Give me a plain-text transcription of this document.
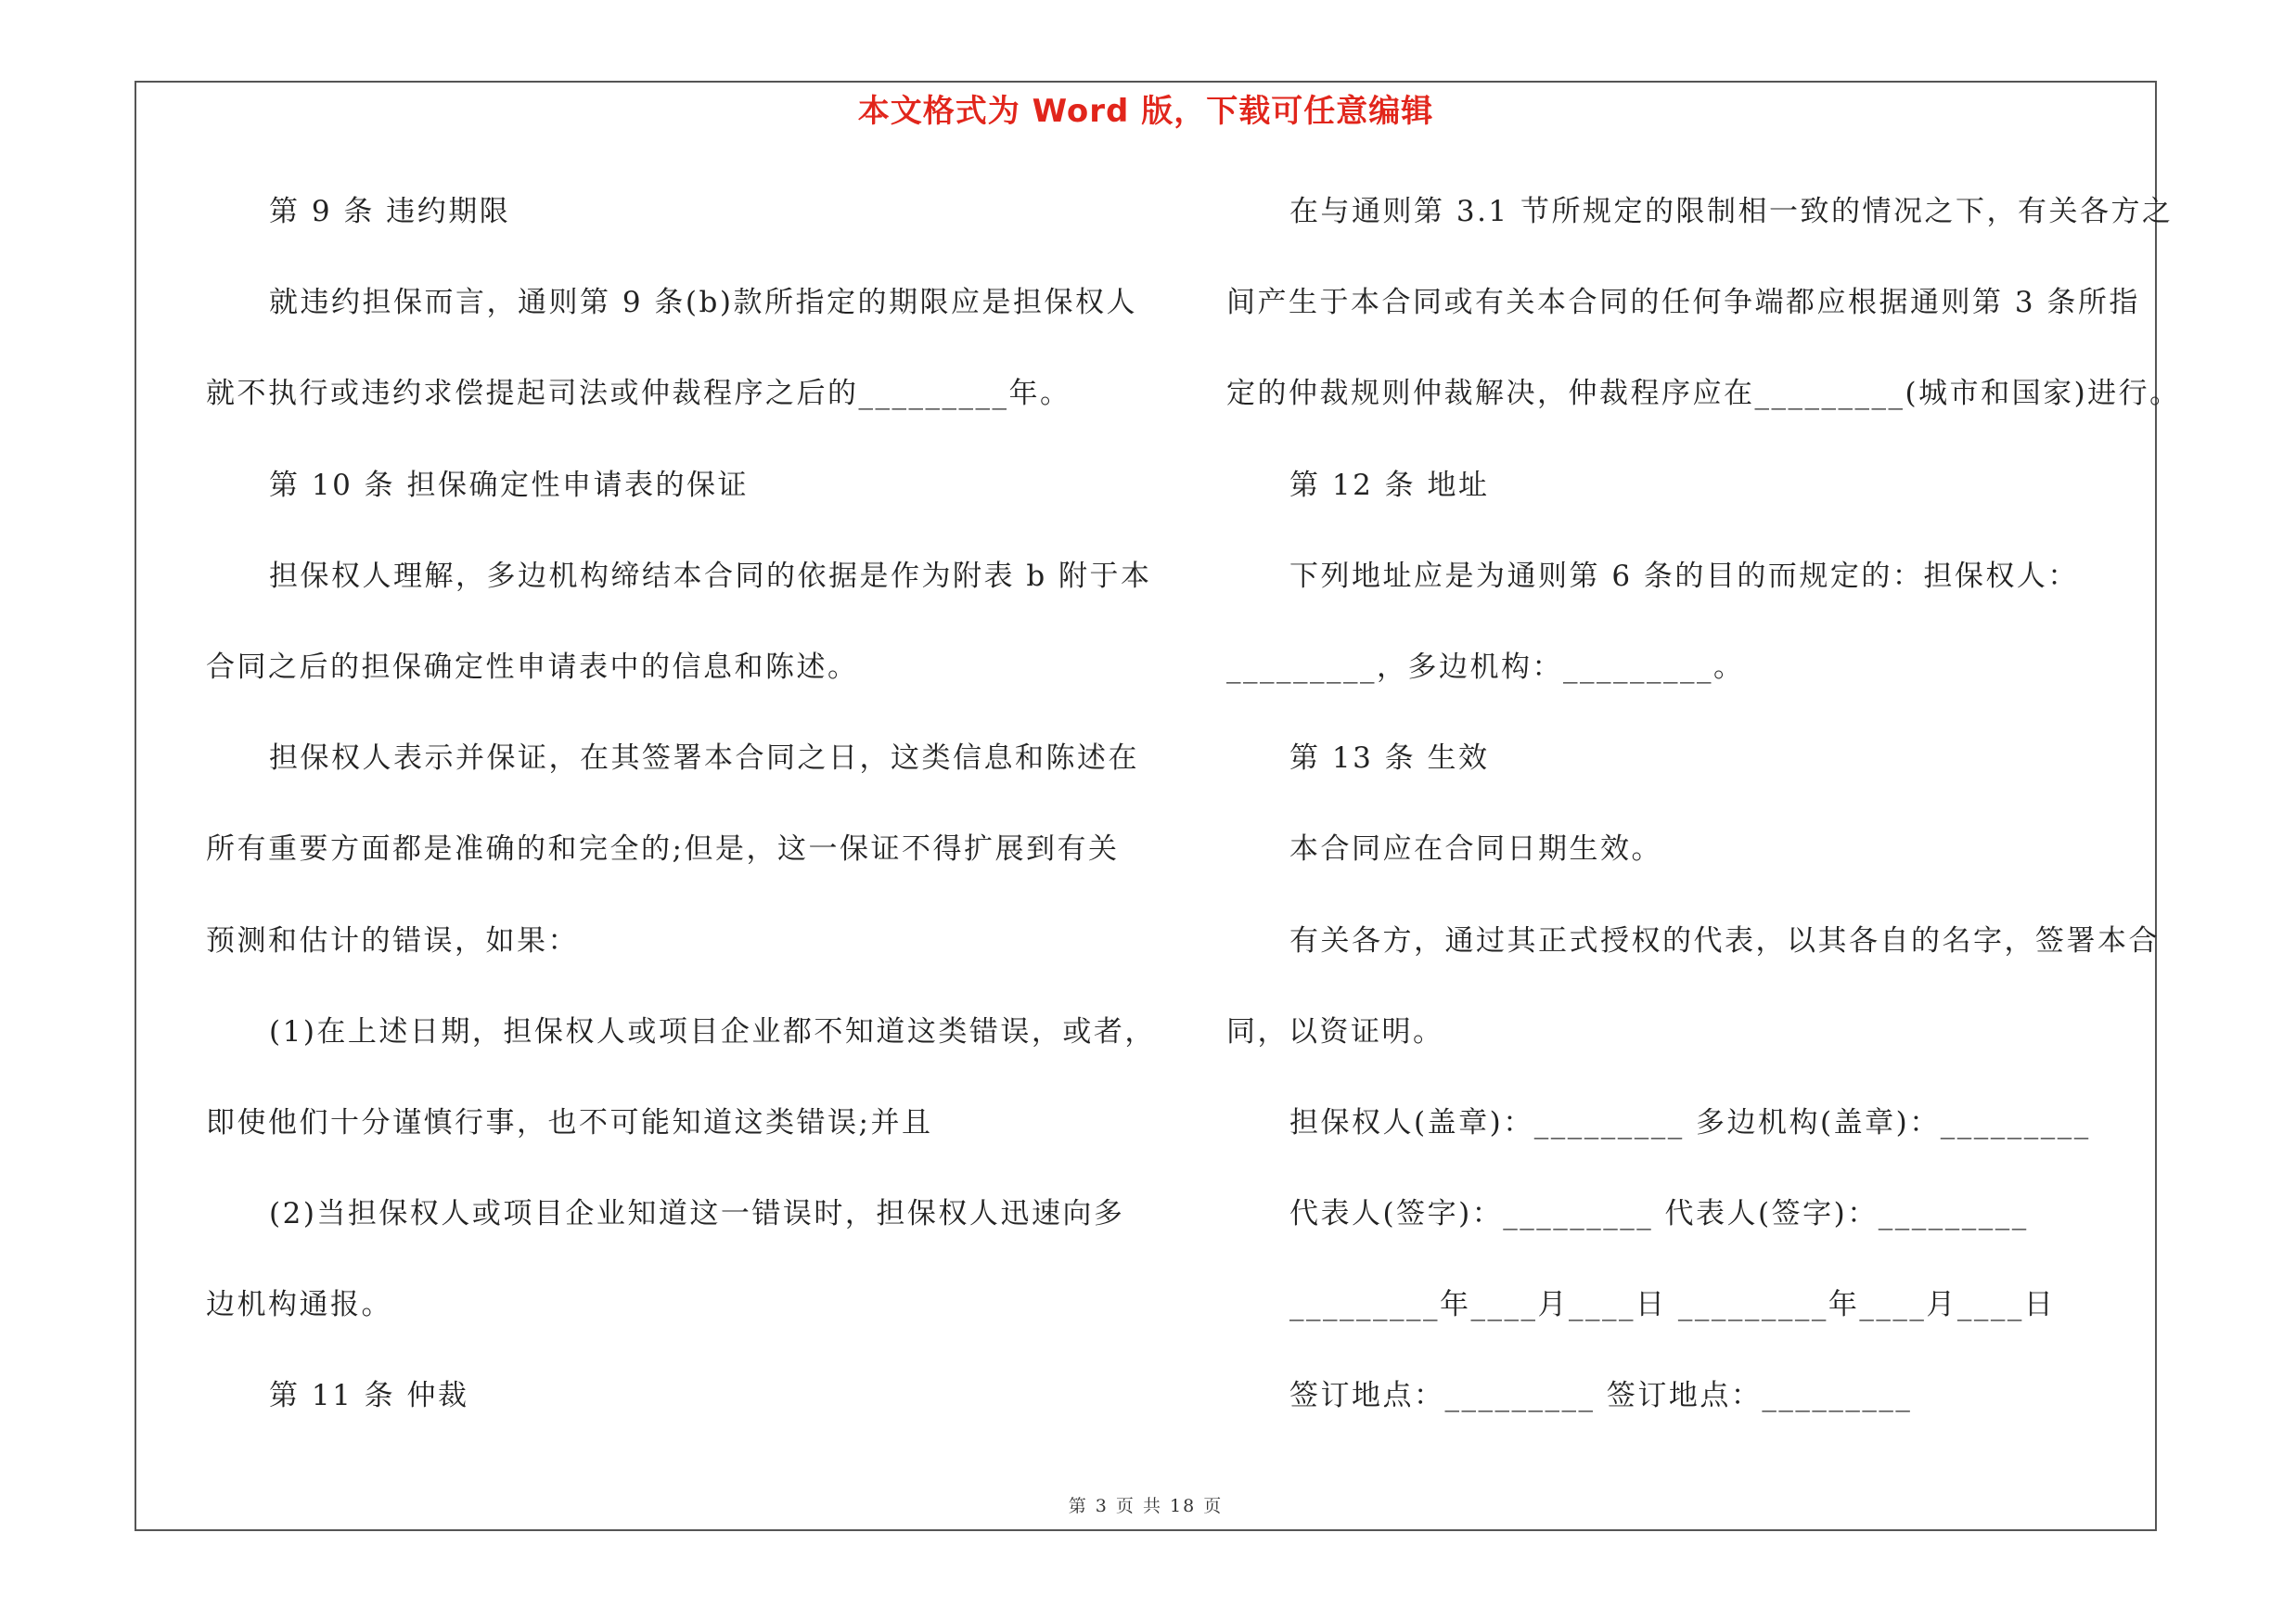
本文格式为 Word 版，下载可任意编辑
第 9 条 违约期限
就违约担保而言，通则第 9 条(b)款所指定的期限应是担保权人
就不执行或违约求偿提起司法或仲裁程序之后的_________年。
第 10 条 担保确定性申请表的保证
担保权人理解，多边机构缔结本合同的依据是作为附表 b 附于本
合同之后的担保确定性申请表中的信息和陈述。
担保权人表示并保证，在其签署本合同之日，这类信息和陈述在
所有重要方面都是准确的和完全的;但是，这一保证不得扩展到有关
预测和估计的错误，如果：
(1)在上述日期，担保权人或项目企业都不知道这类错误，或者，
即使他们十分谨慎行事，也不可能知道这类错误;并且
(2)当担保权人或项目企业知道这一错误时，担保权人迅速向多
边机构通报。
第 11 条 仲裁
在与通则第 3.1 节所规定的限制相一致的情况之下，有关各方之
间产生于本合同或有关本合同的任何争端都应根据通则第 3 条所指
定的仲裁规则仲裁解决，仲裁程序应在_________(城市和国家)进行。
第 12 条 地址
下列地址应是为通则第 6 条的目的而规定的：担保权人：
_________，多边机构：_________。
第 13 条 生效
本合同应在合同日期生效。
有关各方，通过其正式授权的代表，以其各自的名字，签署本合
同，以资证明。
担保权人(盖章)：_________ 多边机构(盖章)：_________
代表人(签字)：_________ 代表人(签字)：_________
_________年____月____日 _________年____月____日
签订地点：_________ 签订地点：_________
第 3 页 共 18 页
